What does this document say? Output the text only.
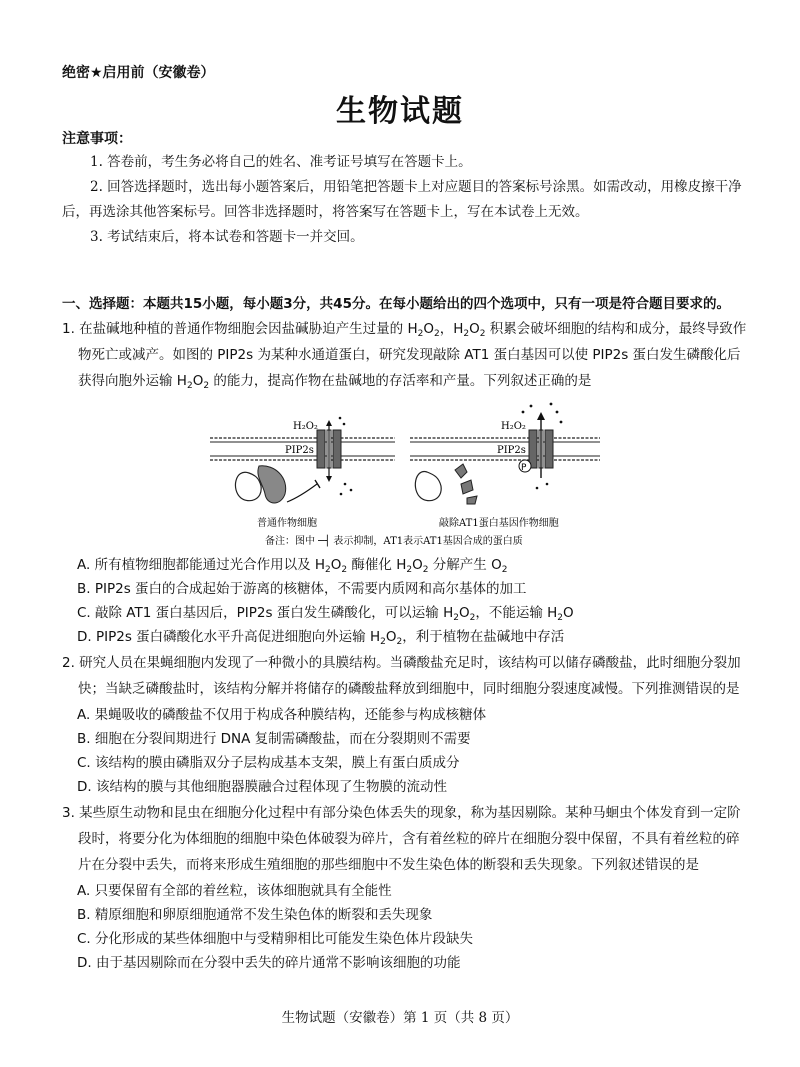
绝密★启用前（安徽卷）
生物试题
注意事项：
1. 答卷前，考生务必将自己的姓名、准考证号填写在答题卡上。
2. 回答选择题时，选出每小题答案后，用铅笔把答题卡上对应题目的答案标号涂黑。如需改动，用橡皮擦干净后，再选涂其他答案标号。回答非选择题时，将答案写在答题卡上，写在本试卷上无效。
3. 考试结束后，将本试卷和答题卡一并交回。
一、选择题：本题共15小题，每小题3分，共45分。在每小题给出的四个选项中，只有一项是符合题目要求的。
1. 在盐碱地种植的普通作物细胞会因盐碱胁迫产生过量的 $H_2O_2$，$H_2O_2$ 积累会破坏细胞的结构和成分，最终导致作物死亡或减产。如图的 PIP2s 为某种水通道蛋白，研究发现敲除 AT1 蛋白基因可以使 PIP2s 蛋白发生磷酸化后获得向胞外运输 $H_2O_2$ 的能力，提高作物在盐碱地的存活率和产量。下列叙述正确的是
H₂O₂
PIP2s
P
H₂O₂
PIP2s
普通作物细胞	敲除AT1蛋白基因作物细胞
备注：图中 ─┤ 表示抑制，AT1表示AT1基因合成的蛋白质
A. 所有植物细胞都能通过光合作用以及 $H_2O_2$ 酶催化 $H_2O_2$ 分解产生 $O_2$
B. PIP2s 蛋白的合成起始于游离的核糖体，不需要内质网和高尔基体的加工
C. 敲除 AT1 蛋白基因后，PIP2s 蛋白发生磷酸化，可以运输 $H_2O_2$，不能运输 $H_2O$
D. PIP2s 蛋白磷酸化水平升高促进细胞向外运输 $H_2O_2$，利于植物在盐碱地中存活
2. 研究人员在果蝇细胞内发现了一种微小的具膜结构。当磷酸盐充足时，该结构可以储存磷酸盐，此时细胞分裂加快；当缺乏磷酸盐时，该结构分解并将储存的磷酸盐释放到细胞中，同时细胞分裂速度减慢。下列推测错误的是
A. 果蝇吸收的磷酸盐不仅用于构成各种膜结构，还能参与构成核糖体
B. 细胞在分裂间期进行 DNA 复制需磷酸盐，而在分裂期则不需要
C. 该结构的膜由磷脂双分子层构成基本支架，膜上有蛋白质成分
D. 该结构的膜与其他细胞器膜融合过程体现了生物膜的流动性
3. 某些原生动物和昆虫在细胞分化过程中有部分染色体丢失的现象，称为基因剔除。某种马蛔虫个体发育到一定阶段时，将要分化为体细胞的细胞中染色体破裂为碎片，含有着丝粒的碎片在细胞分裂中保留，不具有着丝粒的碎片在分裂中丢失，而将来形成生殖细胞的那些细胞中不发生染色体的断裂和丢失现象。下列叙述错误的是
A. 只要保留有全部的着丝粒，该体细胞就具有全能性
B. 精原细胞和卵原细胞通常不发生染色体的断裂和丢失现象
C. 分化形成的某些体细胞中与受精卵相比可能发生染色体片段缺失
D. 由于基因剔除而在分裂中丢失的碎片通常不影响该细胞的功能
生物试题（安徽卷）第 1 页（共 8 页）
